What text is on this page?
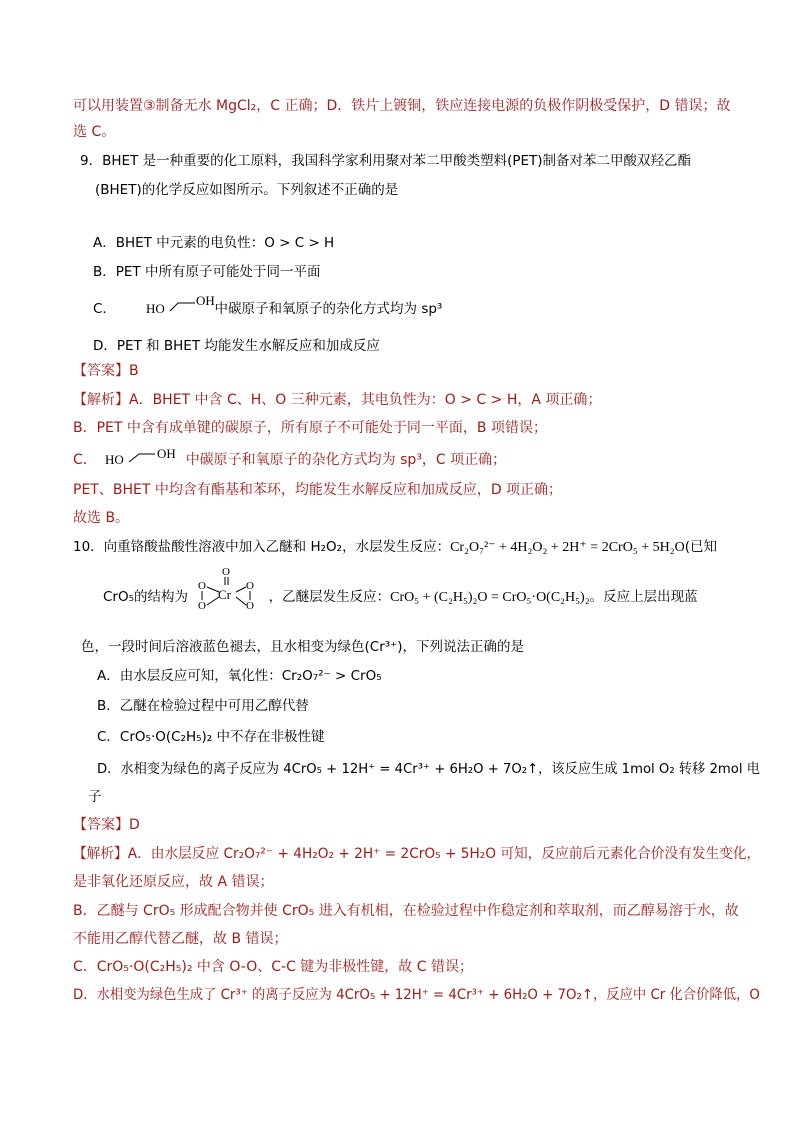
可以用装置③制备无水 MgCl₂，C 正确；D．铁片上镀铜，铁应连接电源的负极作阴极受保护，D 错误；故
选 C。
9．BHET 是一种重要的化工原料，我国科学家利用聚对苯二甲酸类塑料(PET)制备对苯二甲酸双羟乙酯
(BHET)的化学反应如图所示。下列叙述不正确的是
A．BHET 中元素的电负性：O > C > H
B．PET 中所有原子可能处于同一平面
C． HO
OH
中碳原子和氧原子的杂化方式均为 sp³
D．PET 和 BHET 均能发生水解反应和加成反应
【答案】B
【解析】A．BHET 中含 C、H、O 三种元素，其电负性为：O > C > H，A 项正确；
B．PET 中含有成单键的碳原子，所有原子不可能处于同一平面，B 项错误；
C． HO	OH 中碳原子和氧原子的杂化方式均为 sp³，C 项正确；
PET、BHET 中均含有酯基和苯环，均能发生水解反应和加成反应，D 项正确；
故选 B。
10．向重铬酸盐酸性溶液中加入乙醚和 H₂O₂，水层发生反应：Cr₂O₇²⁻ + 4H₂O₂ + 2H⁺ = 2CrO₅ + 5H₂O(已知
CrO₅的结构为
O
Cr
O
O
O
O
，乙醚层发生反应：CrO₅ + (C₂H₅)₂O = CrO₅·O(C₂H₅)₂。反应上层出现蓝
色，一段时间后溶液蓝色褪去，且水相变为绿色(Cr³⁺)，下列说法正确的是
A．由水层反应可知，氧化性：Cr₂O₇²⁻ > CrO₅
B．乙醚在检验过程中可用乙醇代替
C．CrO₅·O(C₂H₅)₂ 中不存在非极性键
D．水相变为绿色的离子反应为 4CrO₅ + 12H⁺ = 4Cr³⁺ + 6H₂O + 7O₂↑，该反应生成 1mol O₂ 转移 2mol 电
子
【答案】D
【解析】A．由水层反应 Cr₂O₇²⁻ + 4H₂O₂ + 2H⁺ = 2CrO₅ + 5H₂O 可知，反应前后元素化合价没有发生变化，
是非氧化还原反应，故 A 错误；
B．乙醚与 CrO₅ 形成配合物并使 CrO₅ 进入有机相，在检验过程中作稳定剂和萃取剂，而乙醇易溶于水，故
不能用乙醇代替乙醚，故 B 错误；
C．CrO₅·O(C₂H₅)₂ 中含 O-O、C-C 键为非极性键，故 C 错误；
D．水相变为绿色生成了 Cr³⁺ 的离子反应为 4CrO₅ + 12H⁺ = 4Cr³⁺ + 6H₂O + 7O₂↑，反应中 Cr 化合价降低，O
